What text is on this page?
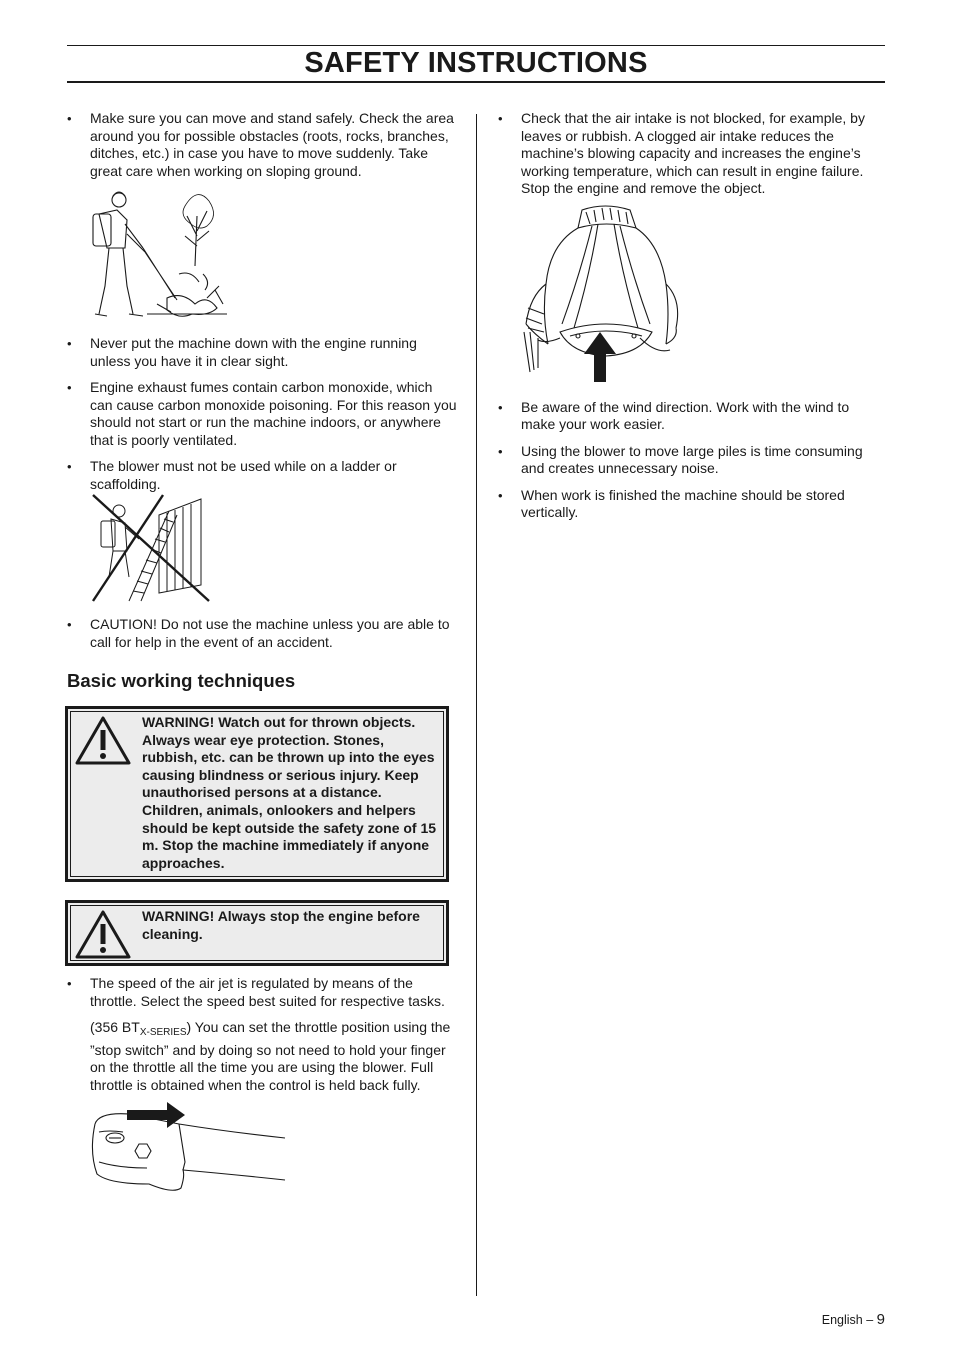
SAFETY INSTRUCTIONS

• Make sure you can move and stand safely. Check the area around you for possible obstacles (roots, rocks, branches, ditches, etc.) in case you have to move suddenly. Take great care when working on sloping ground.

• Never put the machine down with the engine running unless you have it in clear sight.

• Engine exhaust fumes contain carbon monoxide, which can cause carbon monoxide poisoning. For this reason you should not start or run the machine indoors, or anywhere that is poorly ventilated.

• The blower must not be used while on a ladder or scaffolding.

• CAUTION! Do not use the machine unless you are able to call for help in the event of an accident.

Basic working techniques
WARNING! Watch out for thrown objects. Always wear eye protection. Stones, rubbish, etc. can be thrown up into the eyes causing blindness or serious injury. Keep unauthorised persons at a distance. Children, animals, onlookers and helpers should be kept outside the safety zone of 15 m. Stop the machine immediately if anyone approaches.
WARNING! Always stop the engine before cleaning.

• The speed of the air jet is regulated by means of the throttle. Select the speed best suited for respective tasks.

(356 $BT_{X-SERIES}$) You can set the throttle position using the ”stop switch” and by doing so not need to hold your finger on the throttle all the time you are using the blower. Full throttle is obtained when the control is held back fully.

• Check that the air intake is not blocked, for example, by leaves or rubbish. A clogged air intake reduces the machine’s blowing capacity and increases the engine’s working temperature, which can result in engine failure. Stop the engine and remove the object.

• Be aware of the wind direction. Work with the wind to make your work easier.

• Using the blower to move large piles is time consuming and creates unnecessary noise.

• When work is finished the machine should be stored vertically.

English – 9
